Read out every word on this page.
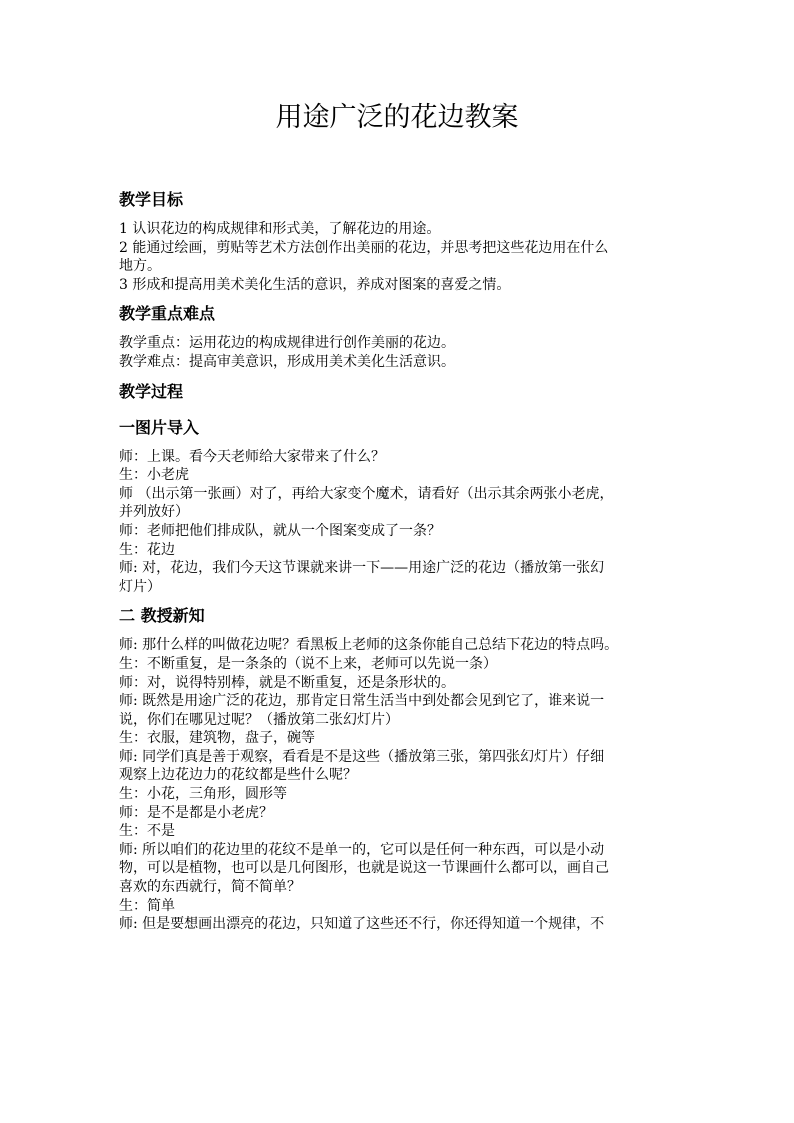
用途广泛的花边教案
教学目标
1 认识花边的构成规律和形式美，了解花边的用途。
2 能通过绘画，剪贴等艺术方法创作出美丽的花边，并思考把这些花边用在什么
地方。
3 形成和提高用美术美化生活的意识，养成对图案的喜爱之情。
教学重点难点
教学重点：运用花边的构成规律进行创作美丽的花边。
教学难点：提高审美意识，形成用美术美化生活意识。
教学过程
一图片导入
师：上课。看今天老师给大家带来了什么？
生：小老虎
师 （出示第一张画）对了，再给大家变个魔术，请看好（出示其余两张小老虎，
并列放好）
师：老师把他们排成队，就从一个图案变成了一条？
生：花边
师: 对，花边，我们今天这节课就来讲一下——用途广泛的花边（播放第一张幻
灯片）
二 教授新知
师: 那什么样的叫做花边呢？看黑板上老师的这条你能自己总结下花边的特点吗。
生：不断重复，是一条条的（说不上来，老师可以先说一条）
师：对，说得特别棒，就是不断重复，还是条形状的。
师: 既然是用途广泛的花边，那肯定日常生活当中到处都会见到它了，谁来说一
说，你们在哪见过呢？（播放第二张幻灯片）
生：衣服，建筑物，盘子，碗等
师: 同学们真是善于观察，看看是不是这些（播放第三张，第四张幻灯片）仔细
观察上边花边力的花纹都是些什么呢？
生：小花，三角形，圆形等
师：是不是都是小老虎？
生：不是
师: 所以咱们的花边里的花纹不是单一的，它可以是任何一种东西，可以是小动
物，可以是植物，也可以是几何图形，也就是说这一节课画什么都可以，画自己
喜欢的东西就行，简不简单？
生：简单
师: 但是要想画出漂亮的花边，只知道了这些还不行，你还得知道一个规律，不
